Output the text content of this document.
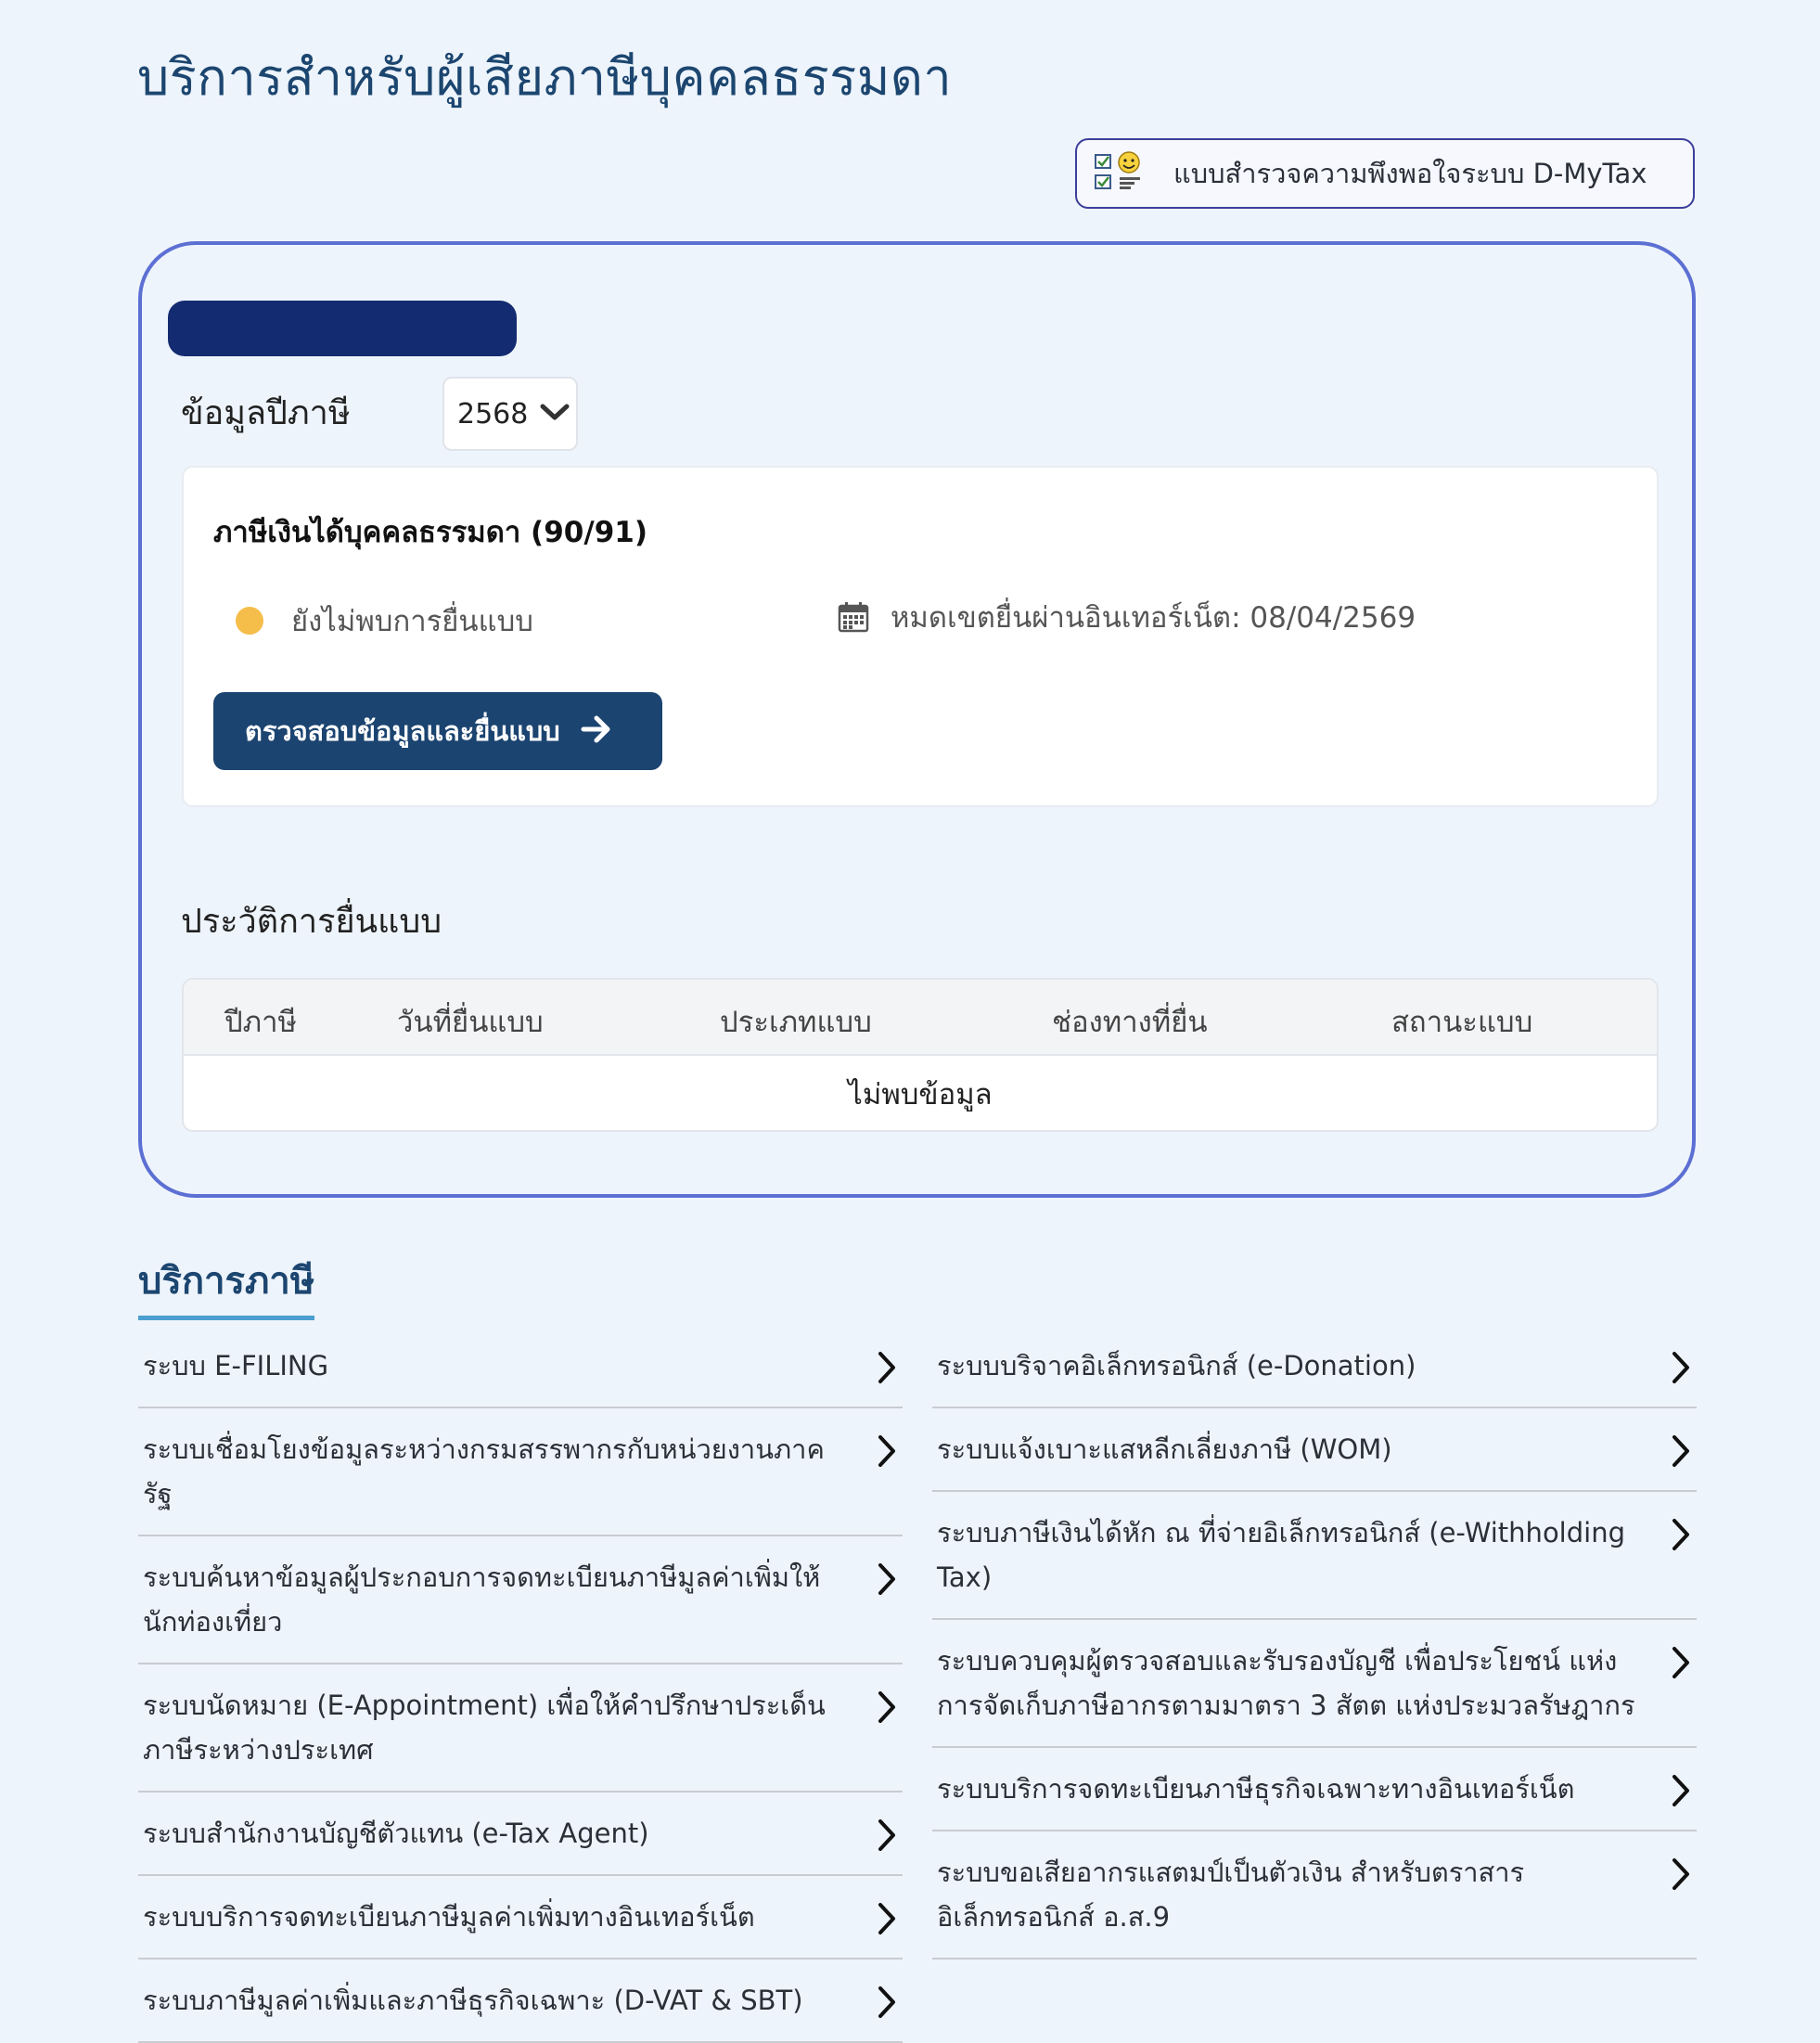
บริการสำหรับผู้เสียภาษีบุคคลธรรมดา
แบบสำรวจความพึงพอใจระบบ D-MyTax
ข้อมูลปีภาษี	2568
ภาษีเงินได้บุคคลธรรมดา (90/91)
ยังไม่พบการยื่นแบบ	หมดเขตยื่นผ่านอินเทอร์เน็ต: 08/04/2569
ตรวจสอบข้อมูลและยื่นแบบ
ประวัติการยื่นแบบ
ปีภาษี	วันที่ยื่นแบบ	ประเภทแบบ	ช่องทางที่ยื่น	สถานะแบบ
ไม่พบข้อมูล
บริการภาษี
ระบบ E-FILING
ระบบเชื่อมโยงข้อมูลระหว่างกรมสรรพากรกับหน่วยงานภาครัฐ
ระบบค้นหาข้อมูลผู้ประกอบการจดทะเบียนภาษีมูลค่าเพิ่มให้นักท่องเที่ยว
ระบบนัดหมาย (E-Appointment) เพื่อให้คำปรึกษาประเด็นภาษีระหว่างประเทศ
ระบบสำนักงานบัญชีตัวแทน (e-Tax Agent)
ระบบบริการจดทะเบียนภาษีมูลค่าเพิ่มทางอินเทอร์เน็ต
ระบบภาษีมูลค่าเพิ่มและภาษีธุรกิจเฉพาะ (D-VAT & SBT)
ระบบบริจาคอิเล็กทรอนิกส์ (e-Donation)
ระบบแจ้งเบาะแสหลีกเลี่ยงภาษี (WOM)
ระบบภาษีเงินได้หัก ณ ที่จ่ายอิเล็กทรอนิกส์ (e-Withholding Tax)
ระบบควบคุมผู้ตรวจสอบและรับรองบัญชี เพื่อประโยชน์ แห่งการจัดเก็บภาษีอากรตามมาตรา 3 สัตต แห่งประมวลรัษฎากร
ระบบบริการจดทะเบียนภาษีธุรกิจเฉพาะทางอินเทอร์เน็ต
ระบบขอเสียอากรแสตมป์เป็นตัวเงิน สำหรับตราสารอิเล็กทรอนิกส์ อ.ส.9
